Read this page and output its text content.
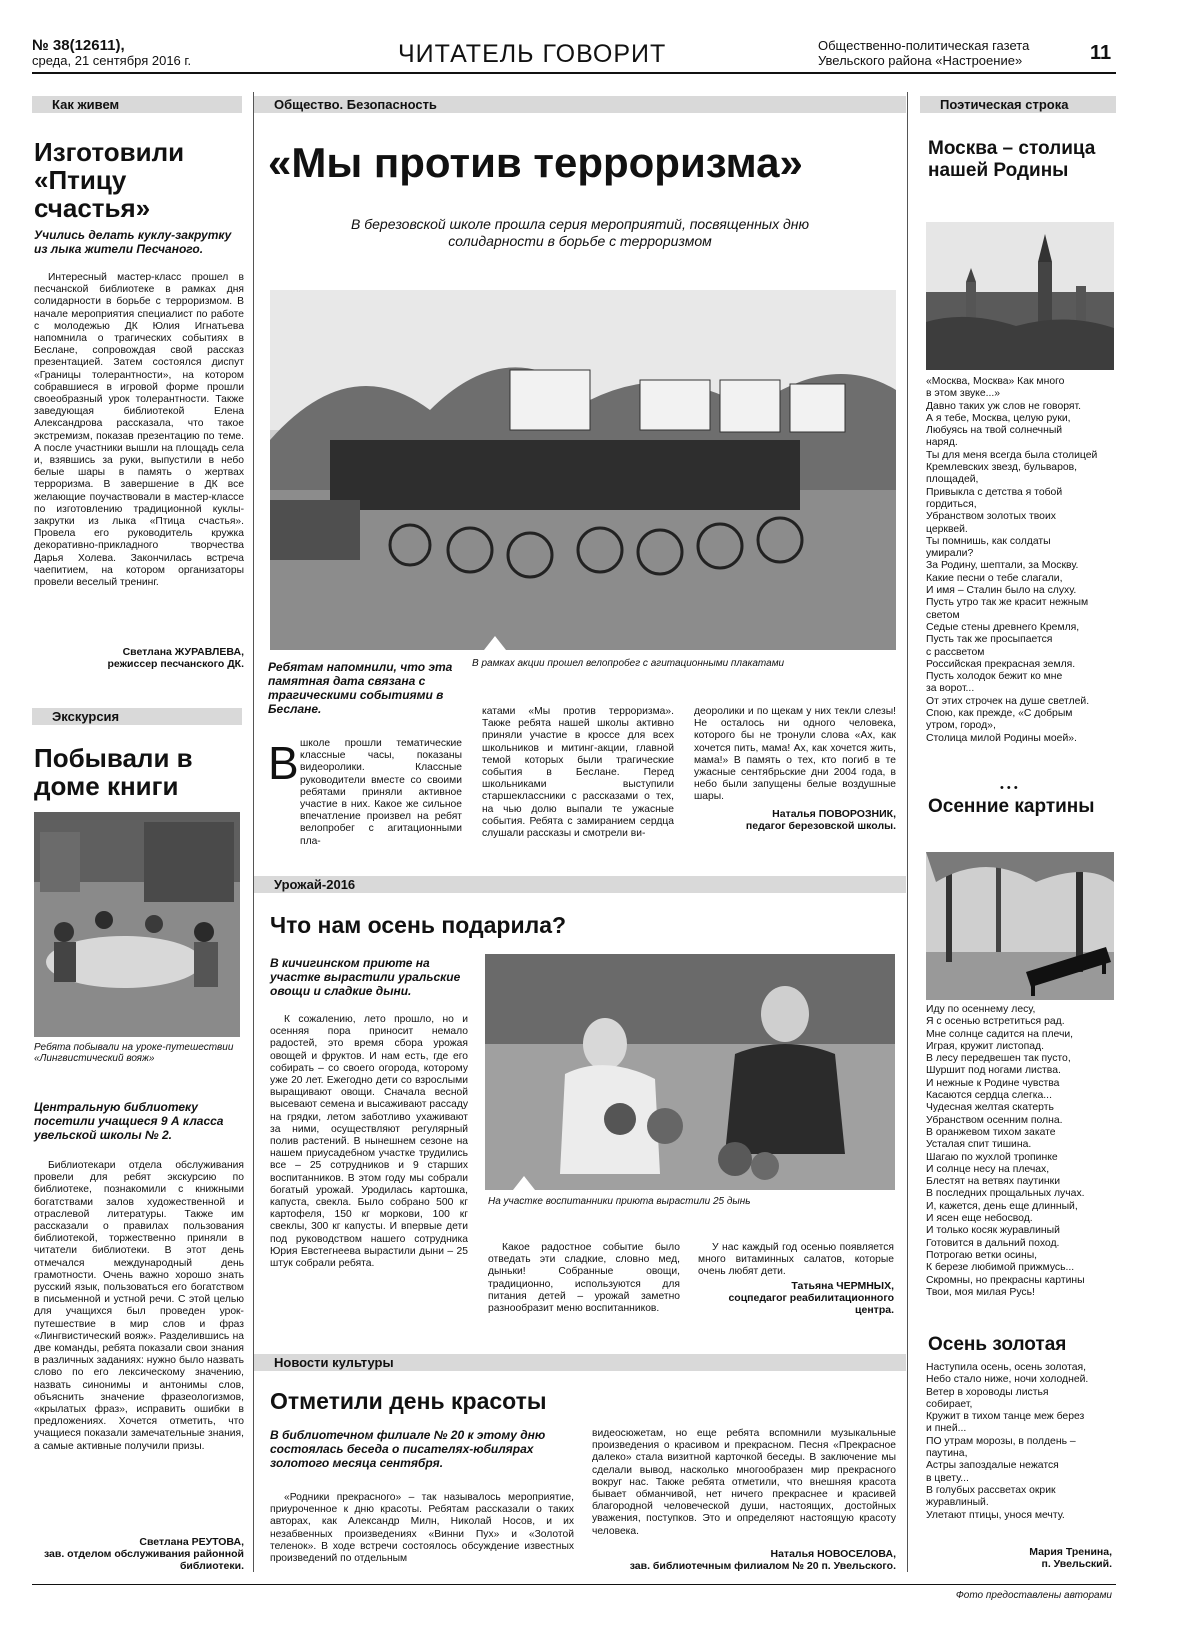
№ 38(12611),
среда, 21 сентября 2016 г.	ЧИТАТЕЛЬ ГОВОРИТ	Общественно-политическая газета
Увельского района «Настроение»	11
Как живем
Изготовили «Птицу счастья»
Учились делать куклу-закрутку из лыка жители Песчаного.
Интересный мастер-класс прошел в песчанской библиотеке в рамках дня солидарности в борьбе с терроризмом. В начале мероприятия специалист по работе с молодежью ДК Юлия Игнатьева напомнила о трагических событиях в Беслане, сопровождая свой рассказ презентацией. Затем состоялся диспут «Границы толерантности», на котором собравшиеся в игровой форме прошли своеобразный урок толерантности. Также заведующая библиотекой Елена Александрова рассказала, что такое экстремизм, показав презентацию по теме. А после участники вышли на площадь села и, взявшись за руки, выпустили в небо белые шары в память о жертвах терроризма. В завершение в ДК все желающие поучаствовали в мастер-классе по изготовлению традиционной куклы-закрутки из лыка «Птица счастья». Провела его руководитель кружка декоративно-прикладного творчества Дарья Холева. Закончилась встреча чаепитием, на котором организаторы провели веселый тренинг.
Светлана ЖУРАВЛЕВА,
режиссер песчанского ДК.
Экскурсия
Побывали в доме книги
Ребята побывали на уроке-путешествии «Лингвистический вояж»
Центральную библиотеку посетили учащиеся 9 А класса увельской школы № 2.
Библиотекари отдела обслуживания провели для ребят экскурсию по библиотеке, познакомили с книжными богатствами залов художественной и отраслевой литературы. Также им рассказали о правилах пользования библиотекой, торжественно приняли в читатели библиотеки. В этот день отмечался международный день грамотности. Очень важно хорошо знать русский язык, пользоваться его богатством в письменной и устной речи. С этой целью для учащихся был проведен урок-путешествие в мир слов и фраз «Лингвистический вояж». Разделившись на две команды, ребята показали свои знания в различных заданиях: нужно было назвать слово по его лексическому значению, назвать синонимы и антонимы слов, объяснить значение фразеологизмов, «крылатых фраз», исправить ошибки в предложениях. Хочется отметить, что учащиеся показали замечательные знания, а самые активные получили призы.
Светлана РЕУТОВА,
зав. отделом обслуживания районной библиотеки.
Общество. Безопасность
«Мы против терроризма»
В березовской школе прошла серия мероприятий, посвященных дню солидарности в борьбе с терроризмом
Ребятам напомнили, что эта памятная дата связана с трагическими событиями в Беслане.
В рамках акции прошел велопробег с агитационными плакатами
В школе прошли тематические классные часы, показаны видеоролики. Классные руководители вместе со своими ребятами приняли активное участие в них. Какое же сильное впечатление произвел на ребят велопробег с агитационными пла-
катами «Мы против терроризма». Также ребята нашей школы активно приняли участие в кроссе для всех школьников и митинг-акции, главной темой которых были трагические события в Беслане. Перед школьниками выступили старшеклассники с рассказами о тех, на чью долю выпали те ужасные события. Ребята с замиранием сердца слушали рассказы и смотрели ви-
деоролики и по щекам у них текли слезы! Не осталось ни одного человека, которого бы не тронули слова «Ах, как хочется пить, мама! Ах, как хочется жить, мама!» В память о тех, кто погиб в те ужасные сентябрьские дни 2004 года, в небо были запущены белые воздушные шары.
Наталья ПОВОРОЗНИК,
педагог березовской школы.
Урожай-2016
Что нам осень подарила?
В кичигинском приюте на участке вырастили уральские овощи и сладкие дыни.
К сожалению, лето прошло, но и осенняя пора приносит немало радостей, это время сбора урожая овощей и фруктов. И нам есть, где его собирать – со своего огорода, которому уже 20 лет. Ежегодно дети со взрослыми выращивают овощи. Сначала весной высевают семена и высаживают рассаду на грядки, летом заботливо ухаживают за ними, осуществляют регулярный полив растений. В нынешнем сезоне на нашем приусадебном участке трудились все – 25 сотрудников и 9 старших воспитанников. В этом году мы собрали богатый урожай. Уродилась картошка, капуста, свекла. Было собрано 500 кг картофеля, 150 кг моркови, 100 кг свеклы, 300 кг капусты. И впервые дети под руководством нашего сотрудника Юрия Евстегнеева вырастили дыни – 25 штук собрали ребята.
На участке воспитанники приюта вырастили 25 дынь
Какое радостное событие было отведать эти сладкие, словно мед, дыньки! Собранные овощи, традиционно, используются для питания детей – урожай заметно разнообразит меню воспитанников.
У нас каждый год осенью появляется много витаминных салатов, которые очень любят дети.
Татьяна ЧЕРМНЫХ,
соцпедагог реабилитационного центра.
Новости культуры
Отметили день красоты
В библиотечном филиале № 20 к этому дню состоялась беседа о писателях-юбилярах золотого месяца сентября.
«Родники прекрасного» – так называлось мероприятие, приуроченное к дню красоты. Ребятам рассказали о таких авторах, как Александр Милн, Николай Носов, и их незабвенных произведениях «Винни Пух» и «Золотой теленок». В ходе встречи состоялось обсуждение известных произведений по отдельным
видеосюжетам, но еще ребята вспомнили музыкальные произведения о красивом и прекрасном. Песня «Прекрасное далеко» стала визитной карточкой беседы. В заключение мы сделали вывод, насколько многообразен мир прекрасного вокруг нас. Также ребята отметили, что внешняя красота бывает обманчивой, нет ничего прекраснее и красивей благородной человеческой души, настоящих, достойных уважения, поступков. Это и определяют настоящую красоту человека.
Наталья НОВОСЕЛОВА,
зав. библиотечным филиалом № 20 п. Увельского.
Поэтическая строка
Москва – столица нашей Родины
«Москва, Москва» Как много
в этом звуке...»
Давно таких уж слов не говорят.
А я тебе, Москва, целую руки,
Любуясь на твой солнечный
наряд.
Ты для меня всегда была столицей
Кремлевских звезд, бульваров,
площадей,
Привыкла с детства я тобой
гордиться,
Убранством золотых твоих
церквей.
Ты помнишь, как солдаты
умирали?
За Родину, шептали, за Москву.
Какие песни о тебе слагали,
И имя – Сталин было на слуху.
Пусть утро так же красит нежным
светом
Седые стены древнего Кремля,
Пусть так же просыпается
с рассветом
Российская прекрасная земля.
Пусть холодок бежит ко мне
за ворот...
От этих строчек на душе светлей.
Спою, как прежде, «С добрым
утром, город»,
Столица милой Родины моей».
• • •
Осенние картины
Иду по осеннему лесу,
Я с осенью встретиться рад.
Мне солнце садится на плечи,
Играя, кружит листопад.
В лесу передвешен так пусто,
Шуршит под ногами листва.
И нежные к Родине чувства
Касаются сердца слегка...
Чудесная желтая скатерть
Убранством осенним полна.
В оранжевом тихом закате
Усталая спит тишина.
Шагаю по жухлой тропинке
И солнце несу на плечах,
Блестят на ветвях паутинки
В последних прощальных лучах.
И, кажется, день еще длинный,
И ясен еще небосвод.
И только косяк журавлиный
Готовится в дальний поход.
Потрогаю ветки осины,
К березе любимой прижмусь...
Скромны, но прекрасны картины
Твои, моя милая Русь!
Осень золотая
Наступила осень, осень золотая,
Небо стало ниже, ночи холодней.
Ветер в хороводы листья
собирает,
Кружит в тихом танце меж берез
и пней...
ПО утрам морозы, в полдень –
паутина,
Астры запоздалые нежатся
в цвету...
В голубых рассветах окрик
журавлиный.
Улетают птицы, унося мечту.
Мария Тренина,
п. Увельский.
Фото предоставлены авторами
